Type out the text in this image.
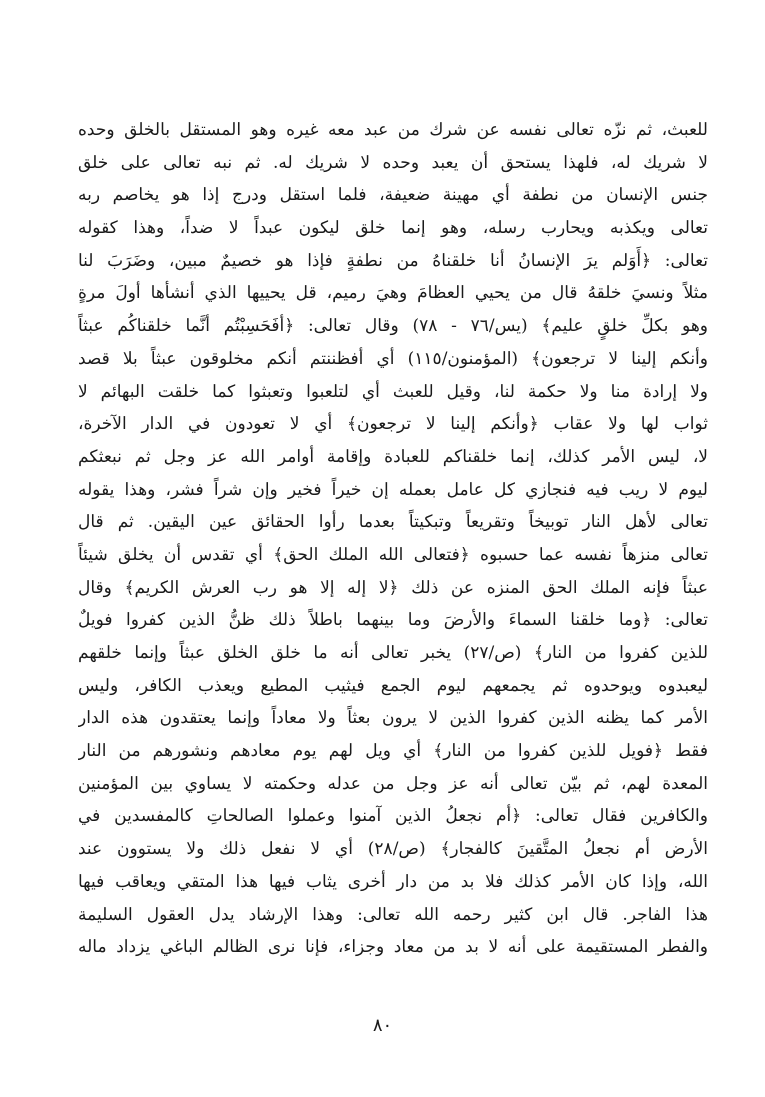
للعبث، ثم نزّه تعالى نفسه عن شرك من عبد معه غيره وهو المستقل بالخلق وحده
لا شريك له، فلهذا يستحق أن يعبد وحده لا شريك له. ثم نبه تعالى على خلق
جنس الإنسان من نطفة أي مهينة ضعيفة، فلما استقل ودرج إذا هو يخاصم ربه
تعالى ويكذبه ويحارب رسله، وهو إنما خلق ليكون عبداً لا ضداً، وهذا كقوله
تعالى: ﴿أَوَلم يرَ الإنسانُ أنا خلقناهُ من نطفةٍ فإذا هو خصيمٌ مبين، وضَرَبَ لنا
مثلاً ونسيَ خلقهُ قال من يحيي العظامَ وهيَ رميم، قل يحييها الذي أنشأها أولَ مرةٍ
وهو بكلِّ خلقٍ عليم﴾ (يس/٧٦ - ٧٨) وقال تعالى: ﴿أفَحَسِبْتُم أنَّما خلقناكُم عبثاً
وأنكم إلينا لا ترجعون﴾ (المؤمنون/١١٥) أي أفظننتم أنكم مخلوقون عبثاً بلا قصد
ولا إرادة منا ولا حكمة لنا، وقيل للعبث أي لتلعبوا وتعبثوا كما خلقت البهائم لا
ثواب لها ولا عقاب ﴿وأنكم إلينا لا ترجعون﴾ أي لا تعودون في الدار الآخرة،
لا، ليس الأمر كذلك، إنما خلقناكم للعبادة وإقامة أوامر الله عز وجل ثم نبعثكم
ليوم لا ريب فيه فنجازي كل عامل بعمله إن خيراً فخير وإن شراً فشر، وهذا يقوله
تعالى لأهل النار توبيخاً وتقريعاً وتبكيتاً بعدما رأوا الحقائق عين اليقين. ثم قال
تعالى منزهاً نفسه عما حسبوه ﴿فتعالى الله الملك الحق﴾ أي تقدس أن يخلق شيئاً
عبثاً فإنه الملك الحق المنزه عن ذلك ﴿لا إله إلا هو رب العرش الكريم﴾ وقال
تعالى: ﴿وما خلقنا السماءَ والأرضَ وما بينهما باطلاً ذلك ظنُّ الذين كفروا فويلٌ
للذين كفروا من النار﴾ (ص/٢٧) يخبر تعالى أنه ما خلق الخلق عبثاً وإنما خلقهم
ليعبدوه ويوحدوه ثم يجمعهم ليوم الجمع فيثيب المطيع ويعذب الكافر، وليس
الأمر كما يظنه الذين كفروا الذين لا يرون بعثاً ولا معاداً وإنما يعتقدون هذه الدار
فقط ﴿فويل للذين كفروا من النار﴾ أي ويل لهم يوم معادهم ونشورهم من النار
المعدة لهم، ثم بيّن تعالى أنه عز وجل من عدله وحكمته لا يساوي بين المؤمنين
والكافرين فقال تعالى: ﴿أم نجعلُ الذين آمنوا وعملوا الصالحاتِ كالمفسدين في
الأرض أم نجعلُ المتَّقينَ كالفجار﴾ (ص/٢٨) أي لا نفعل ذلك ولا يستوون عند
الله، وإذا كان الأمر كذلك فلا بد من دار أخرى يثاب فيها هذا المتقي ويعاقب فيها
هذا الفاجر. قال ابن كثير رحمه الله تعالى: وهذا الإرشاد يدل العقول السليمة
والفطر المستقيمة على أنه لا بد من معاد وجزاء، فإنا نرى الظالم الباغي يزداد ماله
٨٠
